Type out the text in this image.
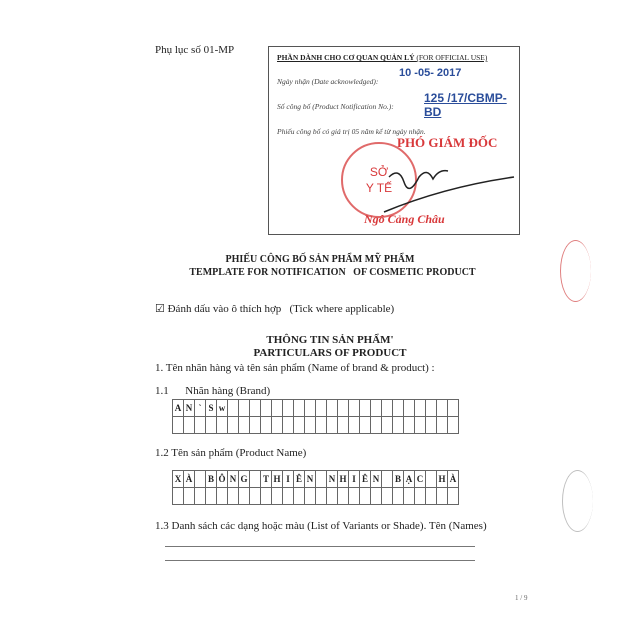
Phụ lục số 01-MP
PHẦN DÀNH CHO CƠ QUAN QUẢN LÝ (FOR OFFICIAL USE)
Ngày nhận (Date acknowledged):
10 -05- 2017
Số công bố (Product Notification No.):
125 /17/CBMP-BD
Phiếu công bố có giá trị 05 năm kể từ ngày nhận.
PHÓ GIÁM ĐỐC
SỞ
Y TẾ
Ngô Cảng Châu
PHIẾU CÔNG BỐ SẢN PHẨM MỸ PHẨM
TEMPLATE FOR NOTIFICATION   OF COSMETIC PRODUCT
☑ Đánh dấu vào ô thích hợp (Tick where applicable)
THÔNG TIN SẢN PHẨM'
PARTICULARS OF PRODUCT
1. Tên nhãn hàng và tên sản phẩm (Name of brand & product) :
1.1      Nhãn hàng (Brand)
A N ` S w
1.2 Tên sản phẩm (Product Name)
X À	B Ô N G T H I Ê N	N H I Ê N	B Ạ C	H À
1.3 Danh sách các dạng hoặc màu (List of Variants or Shade). Tên (Names)
1 / 9
